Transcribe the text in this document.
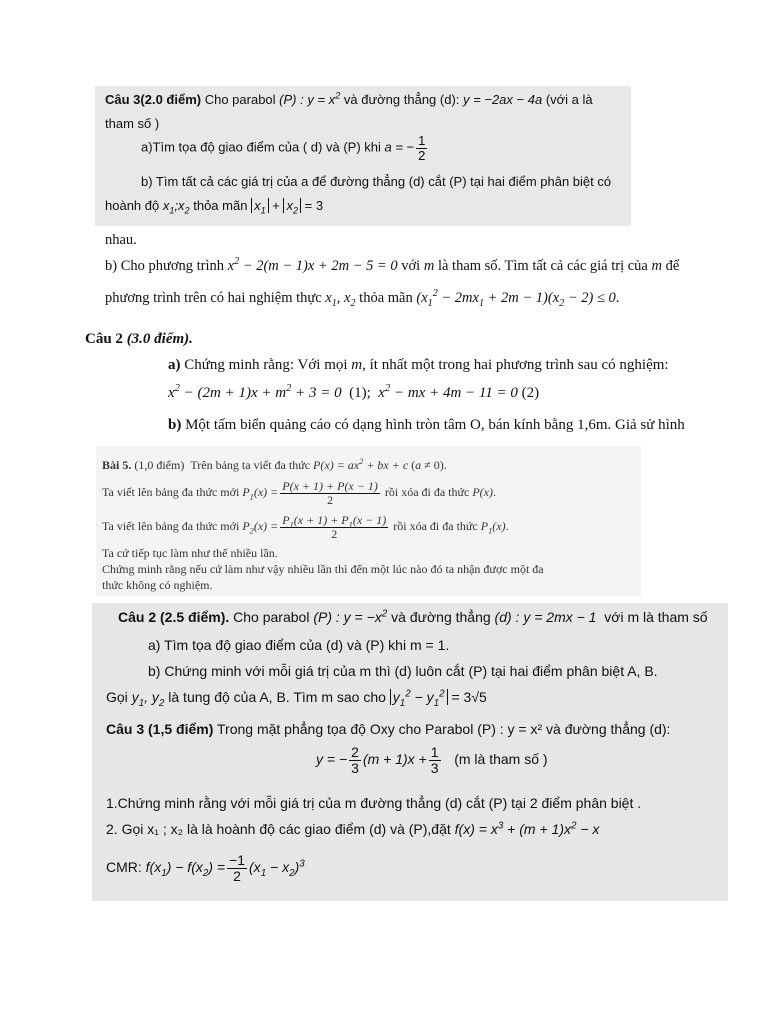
Câu 3(2.0 điểm) Cho parabol (P) : $y = x^2$ và đường thẳng (d): y = −2ax − 4a (với a là
tham số )
a)Tìm tọa độ giao điểm của ( d) và (P) khi a = − $\frac{1}{2}$
b) Tìm tất cả các giá trị của a để đường thẳng (d) cắt (P) tại hai điểm phân biệt có
hoành độ $x_1;x_2$ thỏa mãn $x_1 + x_2 = 3$
nhau.
b) Cho phương trình $x^2 - 2(m - 1)x + 2m - 5 = 0$ với m là tham số. Tìm tất cả các giá trị của m để
phương trình trên có hai nghiệm thực $x_1$, $x_2$ thỏa mãn $(x_1^2 - 2mx_1 + 2m - 1)(x_2 - 2) \le 0$.
Câu 2 (3.0 điểm).
a) Chứng minh rằng: Với mọi m, ít nhất một trong hai phương trình sau có nghiệm:
$x^2 - (2m + 1)x + m^2 + 3 = 0$ (1); $x^2$ − mx + 4m − 11 = 0 (2)
b) Một tấm biển quảng cáo có dạng hình tròn tâm O, bán kính bằng 1,6m. Giả sử hình
Bài 5. (1,0 điểm) Trên bảng ta viết đa thức $P(x) = ax^2$ + bx + c (a ≠ 0).
Ta viết lên bảng đa thức mới $P_1(x) = \frac{P(x + 1) + P(x - 1)}{2}$ rồi xóa đi đa thức P(x).
Ta viết lên bảng đa thức mới $P_2(x) = \frac{P_1(x + 1) + P_1(x - 1)}{2}$ rồi xóa đi đa thức $P_1(x)$.
Ta cứ tiếp tục làm như thế nhiều lần.
Chứng minh rằng nếu cứ làm như vậy nhiều lần thì đến một lúc nào đó ta nhận được một đa
thức không có nghiệm.
Câu 2 (2.5 điểm). Cho parabol (P) : $y = -x^2$ và đường thẳng (d) : y = 2mx − 1 với m là tham số
a) Tìm tọa độ giao điểm của (d) và (P) khi m = 1.
b) Chứng minh với mỗi giá trị của m thì (d) luôn cắt (P) tại hai điểm phân biệt A, B.
Gọi $y_1$, $y_2$ là tung độ của A, B. Tìm m sao cho $y_1^2 - y_1^2 = 3√5$
Câu 3 (1,5 điểm) Trong mặt phẳng tọa độ Oxy cho Parabol (P) : y = x² và đường thẳng (d):
y = − $\frac{2}{3} (m + 1)x + \frac{1}{3} (m$ là tham số )
1.Chứng minh rằng với mỗi giá trị của m đường thẳng (d) cắt (P) tại 2 điểm phân biệt .
2. Gọi x₁ ; x₂ là là hoành độ các giao điểm (d) và (P),đặt $f(x) = x^3 + (m + 1)x^2 - x$
CMR: $f(x_1) - f(x_2) = \frac{-1}{2} (x_1 - x_2)^3$
